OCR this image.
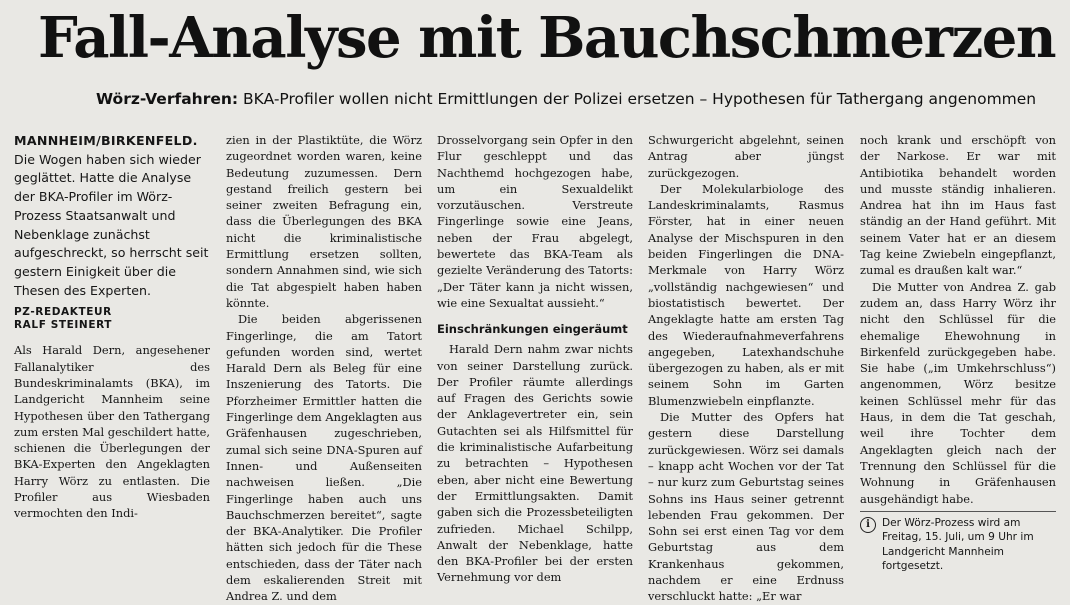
Fall-Analyse mit Bauchschmerzen
Wörz-Verfahren: BKA-Profiler wollen nicht Ermittlungen der Polizei ersetzen – Hypothesen für Tathergang angenommen
MANNHEIM/BIRKENFELD. Die Wogen haben sich wieder geglättet. Hatte die Analyse der BKA-Profiler im Wörz-Prozess Staatsanwalt und Nebenklage zunächst aufgeschreckt, so herrscht seit gestern Einigkeit über die Thesen des Experten.
PZ-REDAKTEUR
RALF STEINERT

Als Harald Dern, angesehener Fallanalytiker des Bundeskriminalamts (BKA), im Landgericht Mannheim seine Hypothesen über den Tathergang zum ersten Mal geschildert hatte, schienen die Überlegungen der BKA-Experten den Angeklagten Harry Wörz zu entlasten. Die Profiler aus Wiesbaden vermochten den Indi-

zien in der Plastiktüte, die Wörz zugeordnet worden waren, keine Bedeutung zuzumessen. Dern gestand freilich gestern bei seiner zweiten Befragung ein, dass die Überlegungen des BKA nicht die kriminalistische Ermittlung ersetzen sollten, sondern Annahmen sind, wie sich die Tat abgespielt haben haben könnte.

Die beiden abgerissenen Fingerlinge, die am Tatort gefunden worden sind, wertet Harald Dern als Beleg für eine Inszenierung des Tatorts. Die Pforzheimer Ermittler hatten die Fingerlinge dem Angeklagten aus Gräfenhausen zugeschrieben, zumal sich seine DNA-Spuren auf Innen- und Außenseiten nachweisen ließen. „Die Fingerlinge haben auch uns Bauchschmerzen bereitet“, sagte der BKA-Analytiker. Die Profiler hätten sich jedoch für die These entschieden, dass der Täter nach dem eskalierenden Streit mit Andrea Z. und dem

Drosselvorgang sein Opfer in den Flur geschleppt und das Nachthemd hochgezogen habe, um ein Sexualdelikt vorzutäuschen. Verstreute Fingerlinge sowie eine Jeans, neben der Frau abgelegt, bewertete das BKA-Team als gezielte Veränderung des Tatorts: „Der Täter kann ja nicht wissen, wie eine Sexualtat aussieht.“

Einschränkungen eingeräumt

Harald Dern nahm zwar nichts von seiner Darstellung zurück. Der Profiler räumte allerdings auf Fragen des Gerichts sowie der Anklagevertreter ein, sein Gutachten sei als Hilfsmittel für die kriminalistische Aufarbeitung zu betrachten – Hypothesen eben, aber nicht eine Bewertung der Ermittlungsakten. Damit gaben sich die Prozessbeteiligten zufrieden. Michael Schilpp, Anwalt der Nebenklage, hatte den BKA-Profiler bei der ersten Vernehmung vor dem

Schwurgericht abgelehnt, seinen Antrag aber jüngst zurückgezogen.

Der Molekularbiologe des Landeskriminalamts, Rasmus Förster, hat in einer neuen Analyse der Mischspuren in den beiden Fingerlingen die DNA-Merkmale von Harry Wörz „vollständig nachgewiesen“ und biostatistisch bewertet. Der Angeklagte hatte am ersten Tag des Wiederaufnahmeverfahrens angegeben, Latexhandschuhe übergezogen zu haben, als er mit seinem Sohn im Garten Blumenzwiebeln einpflanzte.

Die Mutter des Opfers hat gestern diese Darstellung zurückgewiesen. Wörz sei damals – knapp acht Wochen vor der Tat – nur kurz zum Geburtstag seines Sohns ins Haus seiner getrennt lebenden Frau gekommen. Der Sohn sei erst einen Tag vor dem Geburtstag aus dem Krankenhaus gekommen, nachdem er eine Erdnuss verschluckt hatte: „Er war

noch krank und erschöpft von der Narkose. Er war mit Antibiotika behandelt worden und musste ständig inhalieren. Andrea hat ihn im Haus fast ständig an der Hand geführt. Mit seinem Vater hat er an diesem Tag keine Zwiebeln eingepflanzt, zumal es draußen kalt war.“

Die Mutter von Andrea Z. gab zudem an, dass Harry Wörz ihr nicht den Schlüssel für die ehemalige Ehewohnung in Birkenfeld zurückgegeben habe. Sie habe („im Umkehrschluss“) angenommen, Wörz besitze keinen Schlüssel mehr für das Haus, in dem die Tat geschah, weil ihre Tochter dem Angeklagten gleich nach der Trennung den Schlüssel für die Wohnung in Gräfenhausen ausgehändigt habe.

i	Der Wörz-Prozess wird am Freitag, 15. Juli, um 9 Uhr im Landgericht Mannheim fortgesetzt.
